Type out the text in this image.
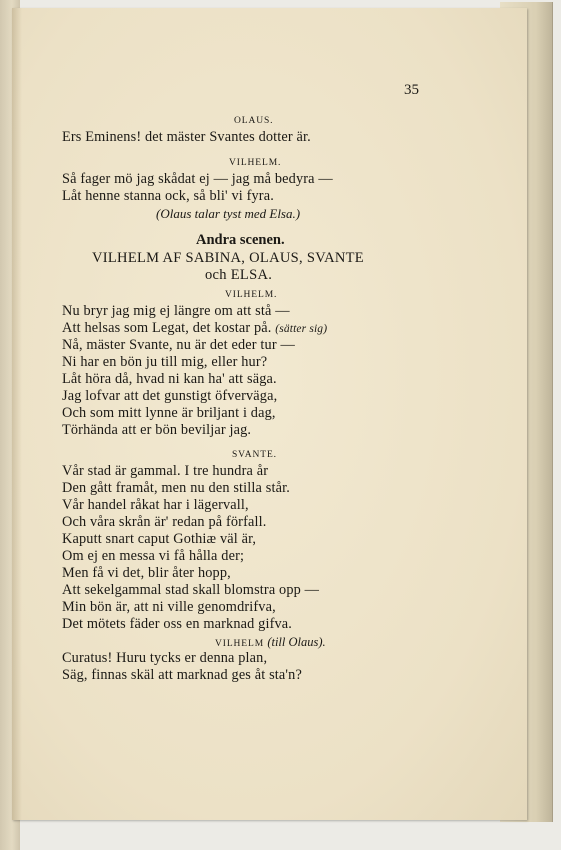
35
OLAUS.
Ers Eminens! det mäster Svantes dotter är.
VILHELM.
Så fager mö jag skådat ej — jag må bedyra —
Låt henne stanna ock, så bli' vi fyra.
(Olaus talar tyst med Elsa.)
Andra scenen.
VILHELM AF SABINA, OLAUS, SVANTE
och ELSA.
VILHELM.
Nu bryr jag mig ej längre om att stå —
Att helsas som Legat, det kostar på. (sätter sig)
Nå, mäster Svante, nu är det eder tur —
Ni har en bön ju till mig, eller hur?
Låt höra då, hvad ni kan ha' att säga.
Jag lofvar att det gunstigt öfverväga,
Och som mitt lynne är briljant i dag,
Törhända att er bön beviljar jag.
SVANTE.
Vår stad är gammal. I tre hundra år
Den gått framåt, men nu den stilla står.
Vår handel råkat har i lägervall,
Och våra skrån är' redan på förfall.
Kaputt snart caput Gothiæ väl är,
Om ej en messa vi få hålla der;
Men få vi det, blir åter hopp,
Att sekelgammal stad skall blomstra opp —
Min bön är, att ni ville genomdrifva,
Det mötets fäder oss en marknad gifva.
VILHELM (till Olaus).
Curatus! Huru tycks er denna plan,
Säg, finnas skäl att marknad ges åt sta'n?
